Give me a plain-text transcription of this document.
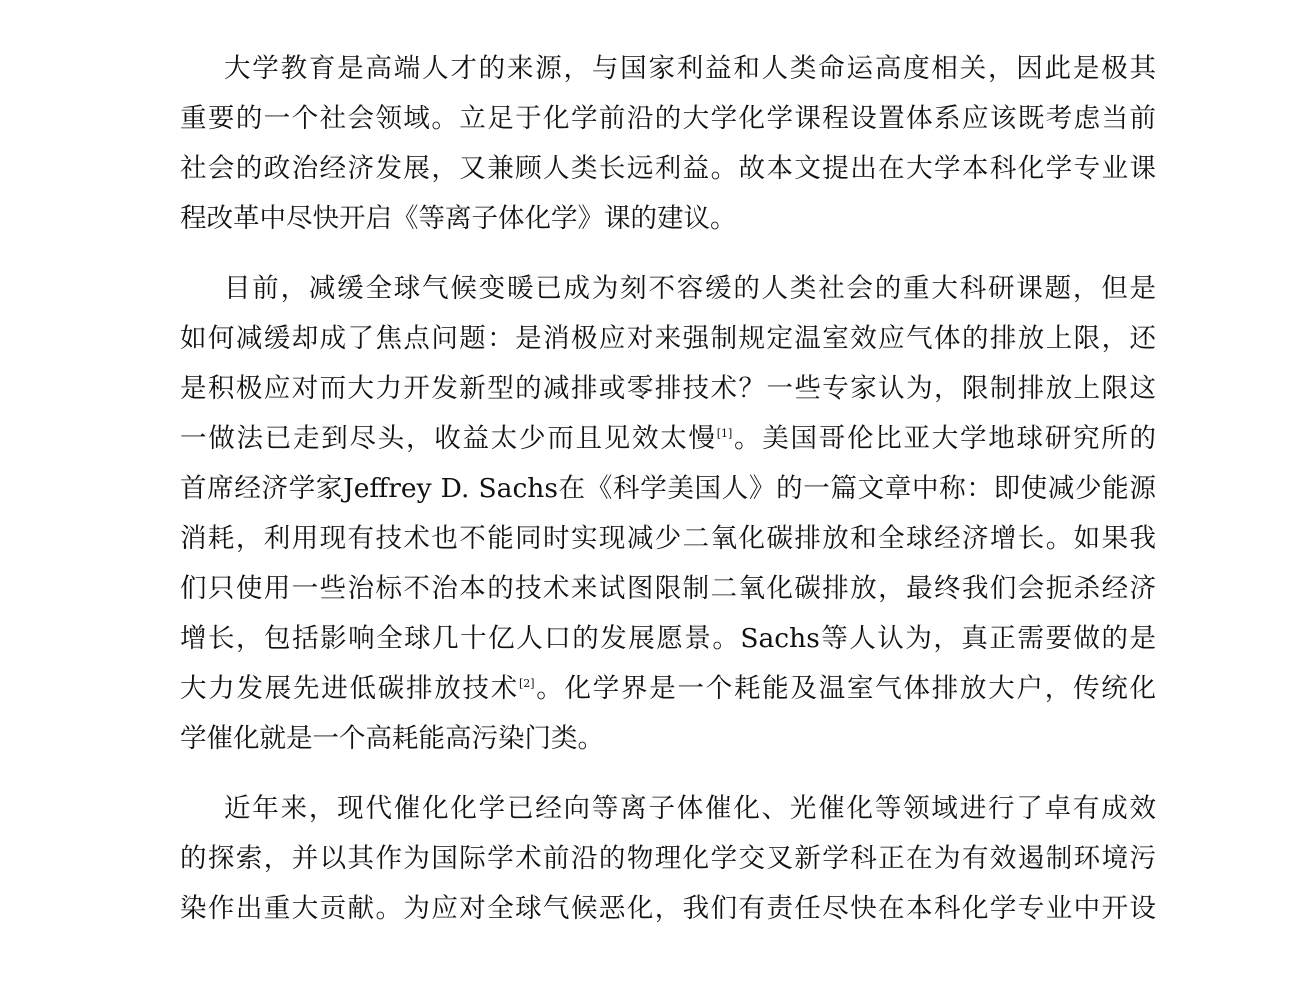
大学教育是高端人才的来源，与国家利益和人类命运高度相关，因此是极其
重要的一个社会领域。立足于化学前沿的大学化学课程设置体系应该既考虑当前
社会的政治经济发展，又兼顾人类长远利益。故本文提出在大学本科化学专业课
程改革中尽快开启《等离子体化学》课的建议。

目前，减缓全球气候变暖已成为刻不容缓的人类社会的重大科研课题，但是
如何减缓却成了焦点问题：是消极应对来强制规定温室效应气体的排放上限，还
是积极应对而大力开发新型的减排或零排技术？一些专家认为，限制排放上限这
一做法已走到尽头，收益太少而且见效太慢[1]。美国哥伦比亚大学地球研究所的
首席经济学家Jeffrey D. Sachs在《科学美国人》的一篇文章中称：即使减少能源
消耗，利用现有技术也不能同时实现减少二氧化碳排放和全球经济增长。如果我
们只使用一些治标不治本的技术来试图限制二氧化碳排放，最终我们会扼杀经济
增长，包括影响全球几十亿人口的发展愿景。Sachs等人认为，真正需要做的是
大力发展先进低碳排放技术[2]。化学界是一个耗能及温室气体排放大户，传统化
学催化就是一个高耗能高污染门类。

近年来，现代催化化学已经向等离子体催化、光催化等领域进行了卓有成效
的探索，并以其作为国际学术前沿的物理化学交叉新学科正在为有效遏制环境污
染作出重大贡献。为应对全球气候恶化，我们有责任尽快在本科化学专业中开设
